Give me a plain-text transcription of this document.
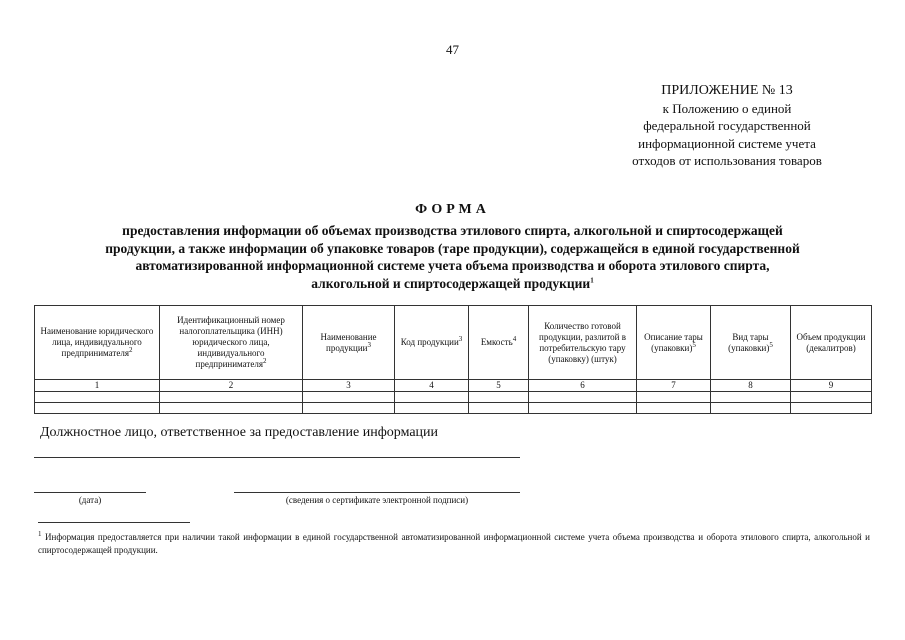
47
ПРИЛОЖЕНИЕ № 13
к Положению о единой
федеральной государственной
информационной системе учета
отходов от использования товаров
ФОРМА
предоставления информации об объемах производства этилового спирта, алкогольной и спиртосодержащей
продукции, а также информации об упаковке товаров (таре продукции), содержащейся в единой государственной
автоматизированной информационной системе учета объема производства и оборота этилового спирта,
алкогольной и спиртосодержащей продукции$^1$
Наименование юридического лица, индивидуального предпринимателя$^2$	Идентификационный номер налогоплательщика (ИНН) юридического лица, индивидуального предпринимателя$^2$	Наименование продукции$^3$	Код продукции$^3$	Емкость$^4$	Количество готовой продукции, разлитой в потребительскую тару (упаковку) (штук)	Описание тары (упаковки)$^5$	Вид тары (упаковки)$^5$	Объем продукции (декалитров)
1	2	3	4	5	6	7	8	9

Должностное лицо, ответственное за предоставление информации
(дата)	(сведения о сертификате электронной подписи)
$^1$ Информация предоставляется при наличии такой информации в единой государственной автоматизированной информационной системе учета объема производства и оборота этилового спирта, алкогольной и спиртосодержащей продукции.
